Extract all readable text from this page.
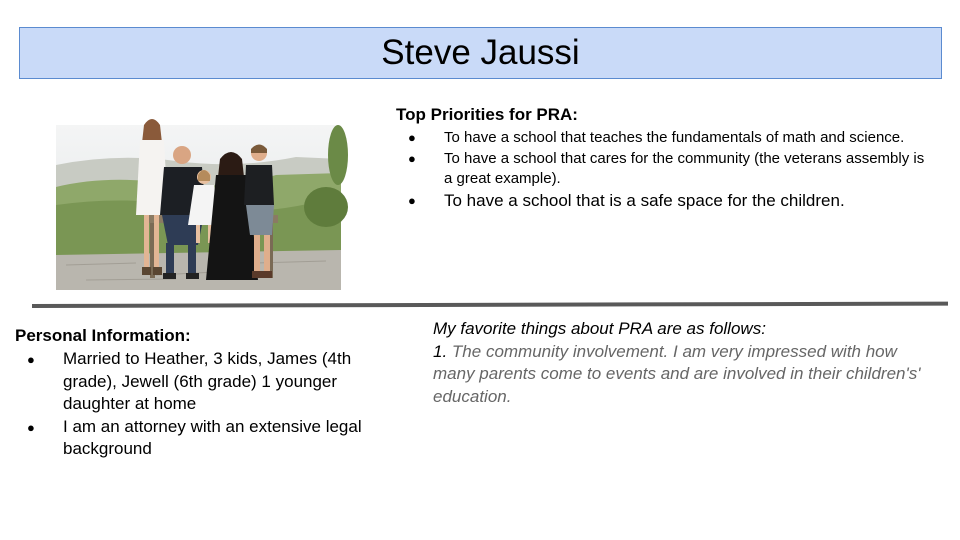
Steve Jaussi
Top Priorities for PRA:
● To have a school that teaches the fundamentals of math and science.
● To have a school that cares for the community (the veterans assembly is a great example).
● To have a school that is a safe space for the children.
Personal Information:
● Married to Heather, 3 kids, James (4th grade), Jewell (6th grade) 1 younger daughter at home
● I am an attorney with an extensive legal background
My favorite things about PRA are as follows:
1. The community involvement. I am very impressed with how many parents come to events and are involved in their children's' education.
